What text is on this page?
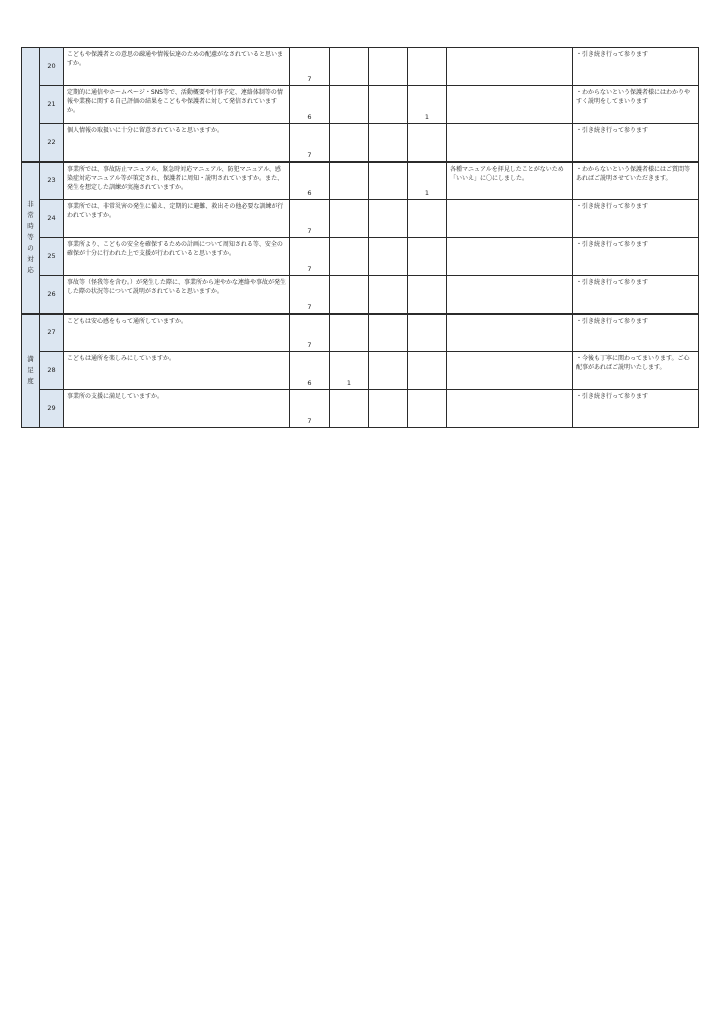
	20	こどもや保護者との意思の疎通や情報伝達のための配慮がなされていると思いますか。	7					・引き続き行って参ります
	21	定期的に通信やホームページ・SNS等で、活動概要や行事予定、連絡体制等の情報や業務に関する自己評価の結果をこどもや保護者に対して発信されていますか。	6			1		・わからないという保護者様にはわかりやすく説明をしてまいります
	22	個人情報の取扱いに十分に留意されていると思いますか。	7					・引き続き行って参ります

非常時等の対応	23	事業所では、事故防止マニュアル、緊急時対応マニュアル、防犯マニュアル、感染症対応マニュアル等が策定され、保護者に周知・説明されていますか。また、発生を想定した訓練が実施されていますか。	6			1	各種マニュアルを拝見したことがないため「いいえ」に〇にしました。	・わからないという保護者様にはご質問等あればご説明させていただきます。
	24	事業所では、非常災害の発生に備え、定期的に避難、救出その他必要な訓練が行われていますか。	7					・引き続き行って参ります
	25	事業所より、こどもの安全を確保するための計画について周知される等、安全の確保が十分に行われた上で支援が行われていると思いますか。	7					・引き続き行って参ります
	26	事故等（怪我等を含む。）が発生した際に、事業所から速やかな連絡や事故が発生した際の状況等について説明がされていると思いますか。	7					・引き続き行って参ります

満足度	27	こどもは安心感をもって通所していますか。	7					・引き続き行って参ります
	28	こどもは通所を楽しみにしていますか。	6	1				・今後も丁寧に関わってまいります。ご心配事があればご説明いたします。
	29	事業所の支援に満足していますか。	7					・引き続き行って参ります
